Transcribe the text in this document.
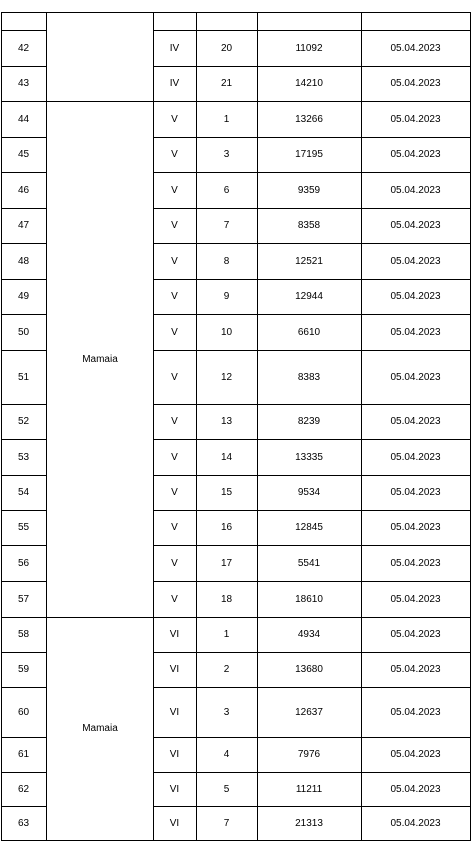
42	IV	20	11092	05.04.2023
43	IV	21	14210	05.04.2023
Mamaia
44	V	1	13266	05.04.2023
45	V	3	17195	05.04.2023
46	V	6	9359	05.04.2023
47	V	7	8358	05.04.2023
48	V	8	12521	05.04.2023
49	V	9	12944	05.04.2023
50	V	10	6610	05.04.2023
51	V	12	8383	05.04.2023
52	V	13	8239	05.04.2023
53	V	14	13335	05.04.2023
54	V	15	9534	05.04.2023
55	V	16	12845	05.04.2023
56	V	17	5541	05.04.2023
57	V	18	18610	05.04.2023
Mamaia
58	VI	1	4934	05.04.2023
59	VI	2	13680	05.04.2023
60	VI	3	12637	05.04.2023
61	VI	4	7976	05.04.2023
62	VI	5	11211	05.04.2023
63	VI	7	21313	05.04.2023
